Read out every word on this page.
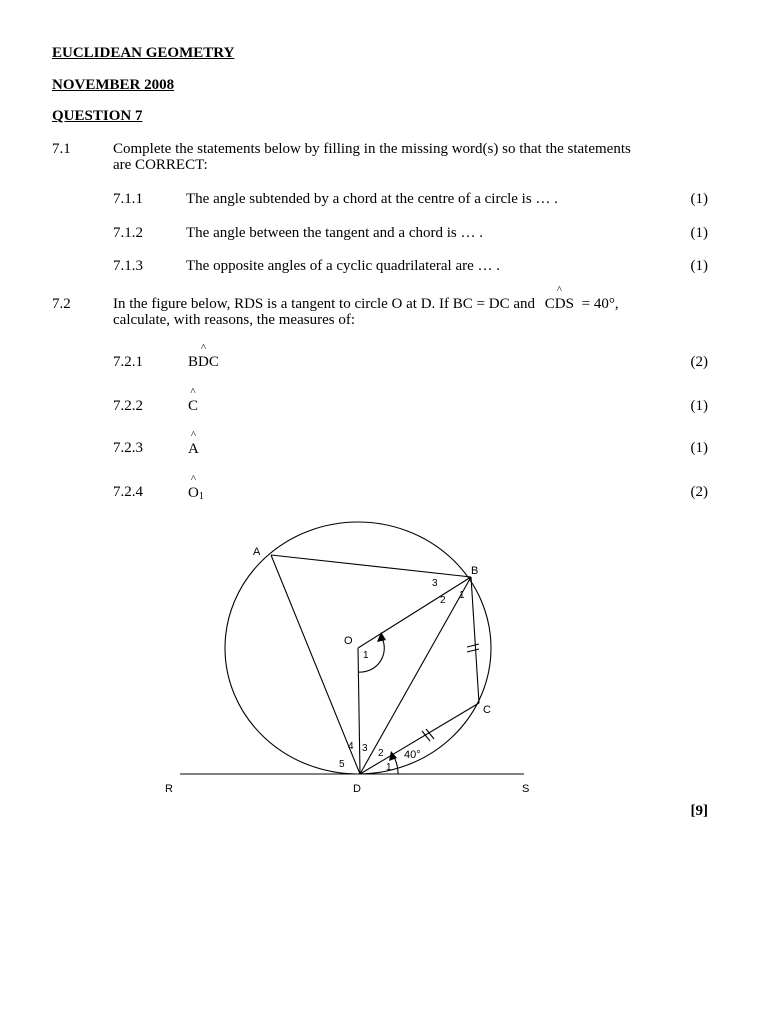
EUCLIDEAN GEOMETRY
NOVEMBER 2008
QUESTION 7
7.1	Complete the statements below by filling in the missing word(s) so that the statements
are CORRECT:
7.1.1	The angle subtended by a chord at the centre of a circle is … .	(1)
7.1.2	The angle between the tangent and a chord is … .	(1)
7.1.3	The opposite angles of a cyclic quadrilateral are … .	(1)
7.2	In the figure below, RDS is a tangent to circle O at D. If BC = DC and ^ CDS = 40°,
calculate, with reasons, the measures of:
7.2.1	^ BDC	(2)
7.2.2	^ C	(1)
7.2.3	^ A	(1)
7.2.4	^ $O_1$	(2)
A
B
C
O
D
R	S
3
2 1
1
4 3
5
2
1
40°
[9]
